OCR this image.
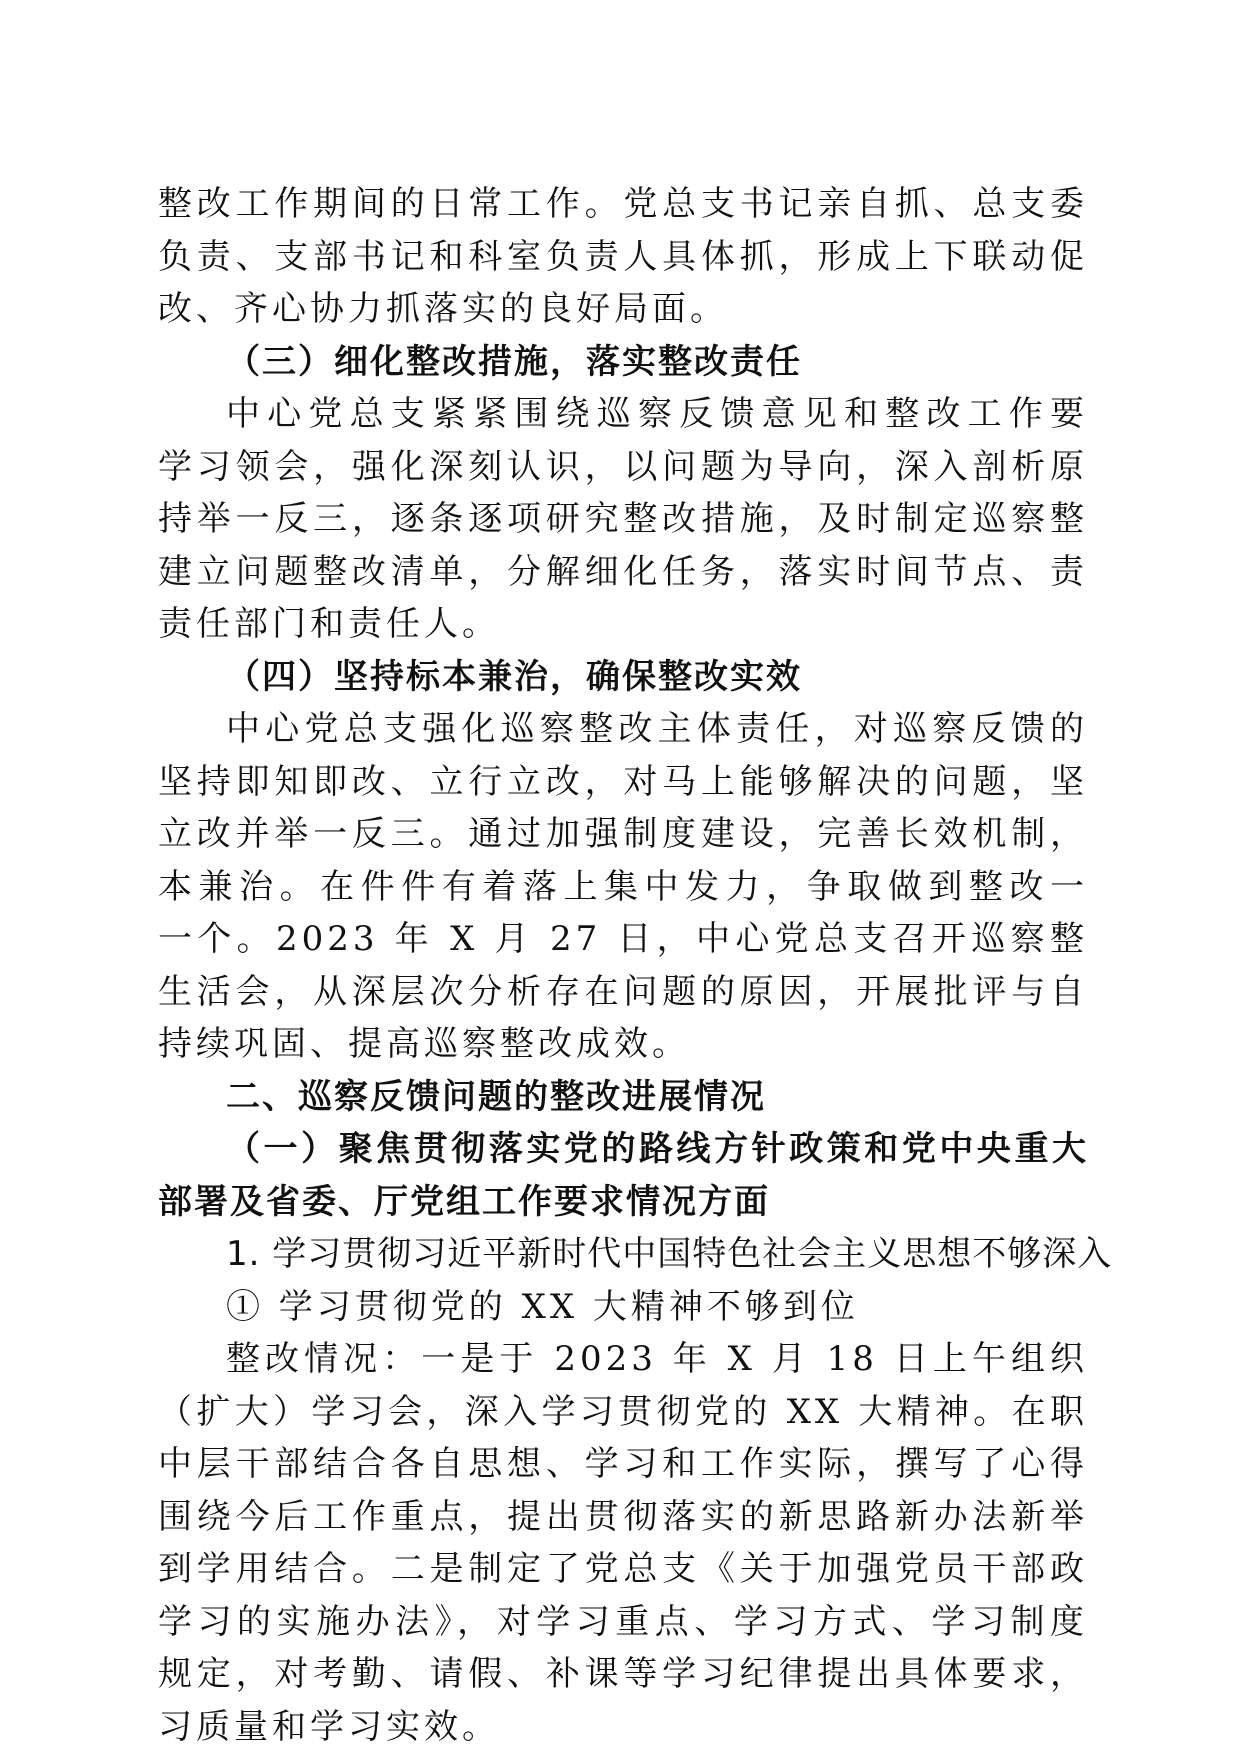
整改工作期间的日常工作。党总支书记亲自抓、总支委
负责、支部书记和科室负责人具体抓，形成上下联动促
改、齐心协力抓落实的良好局面。
（三）细化整改措施，落实整改责任
中心党总支紧紧围绕巡察反馈意见和整改工作要
学习领会，强化深刻认识，以问题为导向，深入剖析原
持举一反三，逐条逐项研究整改措施，及时制定巡察整
建立问题整改清单，分解细化任务，落实时间节点、责
责任部门和责任人。
（四）坚持标本兼治，确保整改实效
中心党总支强化巡察整改主体责任，对巡察反馈的
坚持即知即改、立行立改，对马上能够解决的问题，坚
立改并举一反三。通过加强制度建设，完善长效机制，
本兼治。在件件有着落上集中发力，争取做到整改一
一个。2023 年 X 月 27 日，中心党总支召开巡察整
生活会，从深层次分析存在问题的原因，开展批评与自
持续巩固、提高巡察整改成效。
二、巡察反馈问题的整改进展情况
（一）聚焦贯彻落实党的路线方针政策和党中央重大
部署及省委、厅党组工作要求情况方面
1. 学习贯彻习近平新时代中国特色社会主义思想不够深入
① 学习贯彻党的 XX 大精神不够到位
整改情况：一是于 2023 年 X 月 18 日上午组织
（扩大）学习会，深入学习贯彻党的 XX 大精神。在职
中层干部结合各自思想、学习和工作实际，撰写了心得
围绕今后工作重点，提出贯彻落实的新思路新办法新举
到学用结合。二是制定了党总支《关于加强党员干部政
学习的实施办法》，对学习重点、学习方式、学习制度
规定，对考勤、请假、补课等学习纪律提出具体要求，
习质量和学习实效。
